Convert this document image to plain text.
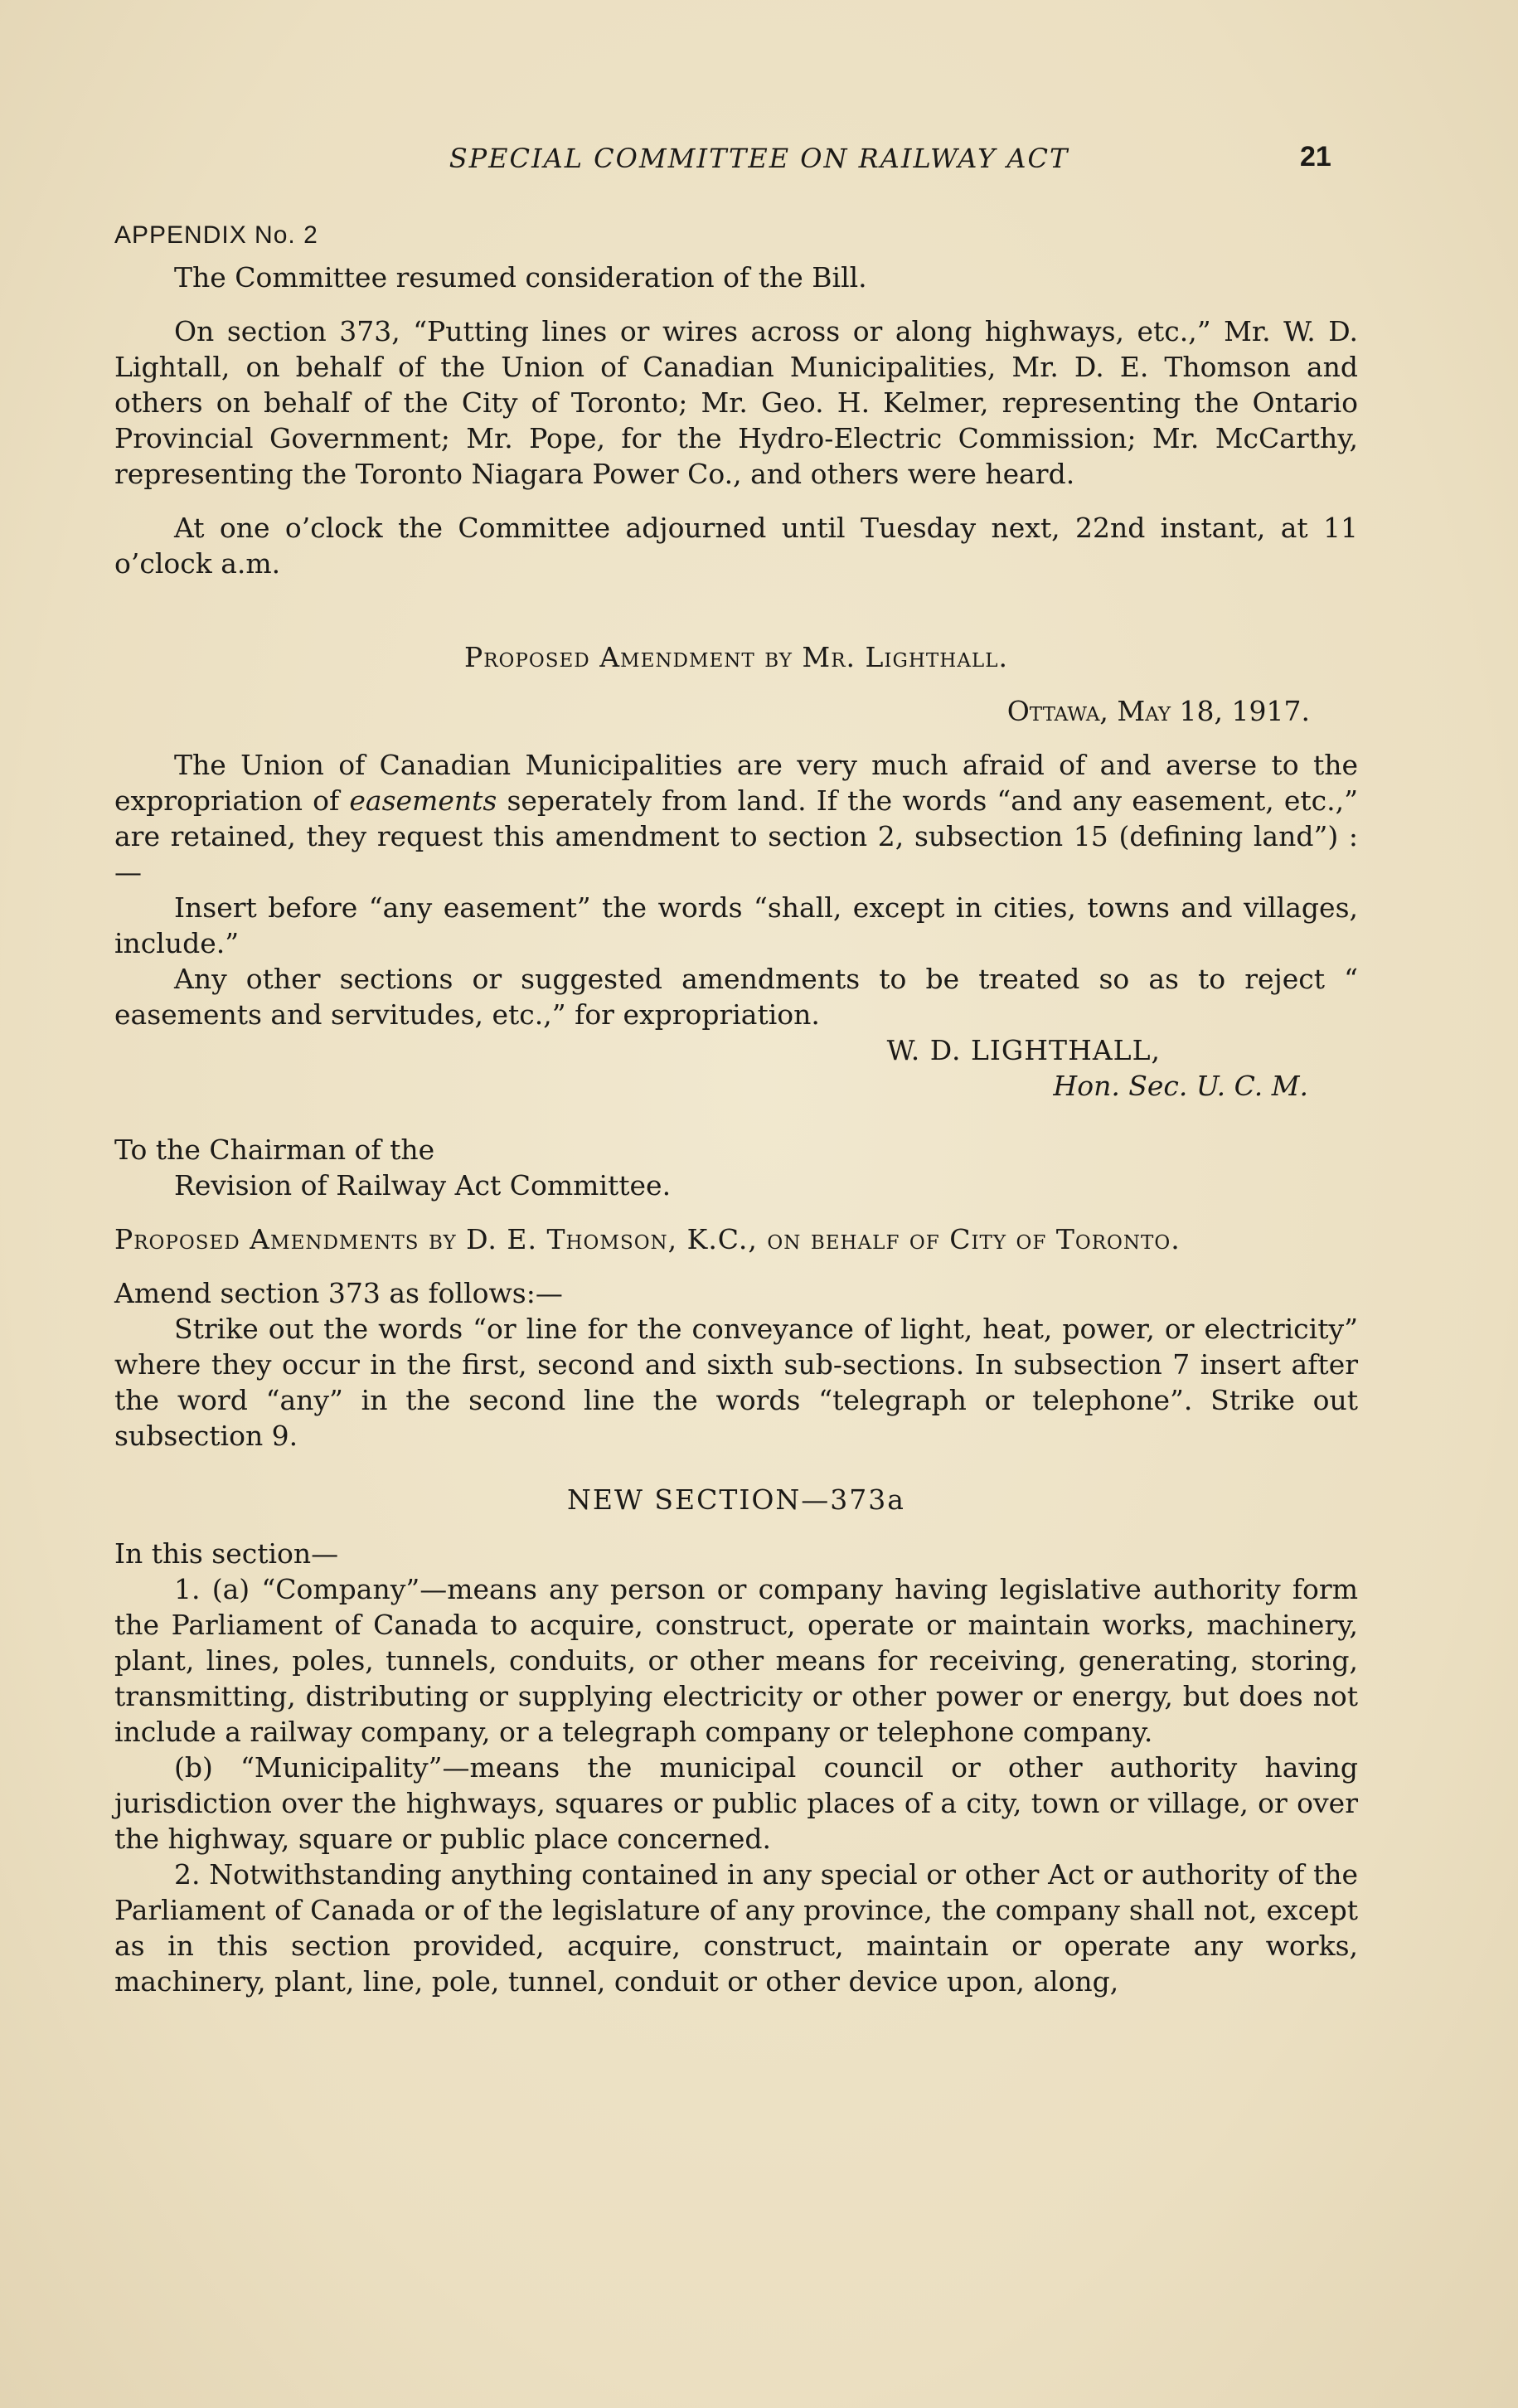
SPECIAL COMMITTEE ON RAILWAY ACT	21

APPENDIX No. 2

The Committee resumed consideration of the Bill.

On section 373, “Putting lines or wires across or along highways, etc.,” Mr. W. D. Lightall, on behalf of the Union of Canadian Municipalities, Mr. D. E. Thomson and others on behalf of the City of Toronto; Mr. Geo. H. Kelmer, representing the Ontario Provincial Government; Mr. Pope, for the Hydro-Electric Commission; Mr. McCarthy, representing the Toronto Niagara Power Co., and others were heard.

At one o’clock the Committee adjourned until Tuesday next, 22nd instant, at 11 o’clock a.m.

Proposed Amendment by Mr. Lighthall.

Ottawa, May 18, 1917.

The Union of Canadian Municipalities are very much afraid of and averse to the expropriation of easements seperately from land. If the words “and any easement, etc.,” are retained, they request this amendment to section 2, subsection 15 (defining land”) :—

Insert before “any easement” the words “shall, except in cities, towns and villages, include.”

Any other sections or suggested amendments to be treated so as to reject “ easements and servitudes, etc.,” for expropriation.

W. D. LIGHTHALL,

Hon. Sec. U. C. M.

To the Chairman of the

Revision of Railway Act Committee.

Proposed Amendments by D. E. Thomson, K.C., on behalf of City of Toronto.

Amend section 373 as follows:—

Strike out the words “or line for the conveyance of light, heat, power, or electricity” where they occur in the first, second and sixth sub-sections. In subsection 7 insert after the word “any” in the second line the words “telegraph or telephone”. Strike out subsection 9.

NEW SECTION—373a

In this section—

1. (a) “Company”—means any person or company having legislative authority form the Parliament of Canada to acquire, construct, operate or maintain works, machinery, plant, lines, poles, tunnels, conduits, or other means for receiving, generating, storing, transmitting, distributing or supplying electricity or other power or energy, but does not include a railway company, or a telegraph company or telephone company.

(b) “Municipality”—means the municipal council or other authority having jurisdiction over the highways, squares or public places of a city, town or village, or over the highway, square or public place concerned.

2. Notwithstanding anything contained in any special or other Act or authority of the Parliament of Canada or of the legislature of any province, the company shall not, except as in this section provided, acquire, construct, maintain or operate any works, machinery, plant, line, pole, tunnel, conduit or other device upon, along,
